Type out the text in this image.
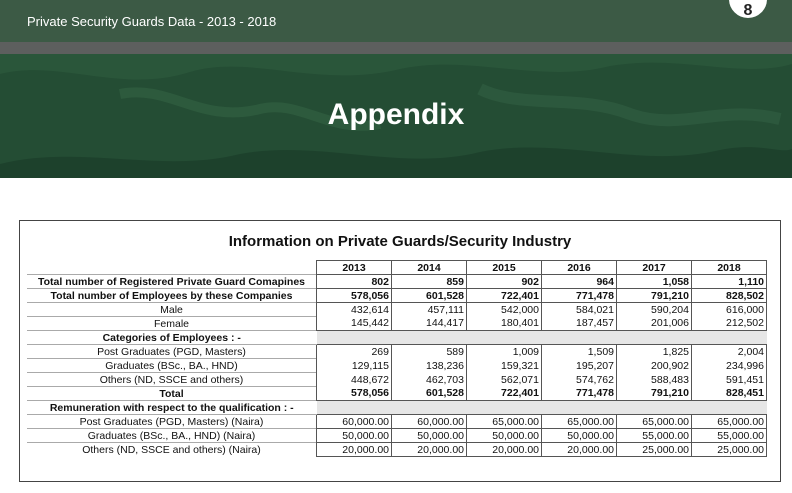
Private Security Guards Data - 2013 - 2018
8
Appendix
Information on Private Guards/Security Industry
	2013	2014	2015	2016	2017	2018
Total number of Registered Private Guard Comapines	802	859	902	964	1,058	1,110
Total number of Employees by these Companies	578,056	601,528	722,401	771,478	791,210	828,502
Male	432,614	457,111	542,000	584,021	590,204	616,000
Female	145,442	144,417	180,401	187,457	201,006	212,502
Categories of Employees : -						
Post Graduates (PGD, Masters)	269	589	1,009	1,509	1,825	2,004
Graduates (BSc., BA., HND)	129,115	138,236	159,321	195,207	200,902	234,996
Others (ND, SSCE and others)	448,672	462,703	562,071	574,762	588,483	591,451
Total	578,056	601,528	722,401	771,478	791,210	828,451
Remuneration with respect to the qualification : -						
Post Graduates (PGD, Masters) (Naira)	60,000.00	60,000.00	65,000.00	65,000.00	65,000.00	65,000.00
Graduates (BSc., BA., HND) (Naira)	50,000.00	50,000.00	50,000.00	50,000.00	55,000.00	55,000.00
Others (ND, SSCE and others) (Naira)	20,000.00	20,000.00	20,000.00	20,000.00	25,000.00	25,000.00
